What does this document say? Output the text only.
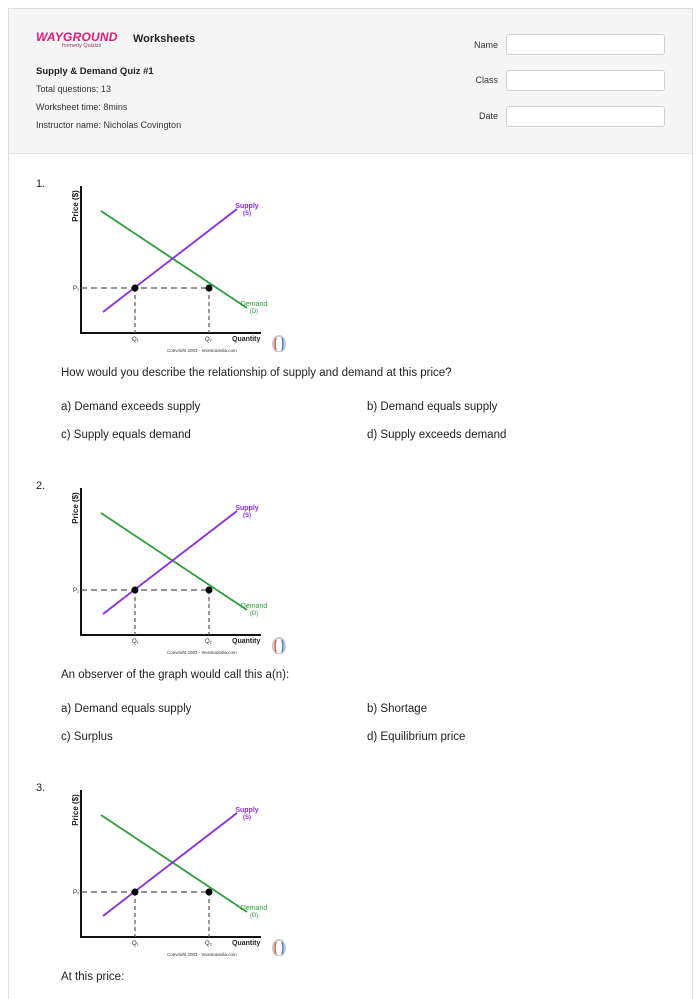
WAYGROUND
formerly Quizizz
Worksheets
Supply & Demand Quiz #1
Total questions: 13
Worksheet time: 8mins
Instructor name: Nicholas Covington
Name
Class
Date
1.
Price ($)
P₁
Q₁	Q₂	Quantity
Supply
(S)
Demand
(D)
Copyright 2003 - Investopedia.com
How would you describe the relationship of supply and demand at this price?
a) Demand exceeds supply	b) Demand equals supply
c) Supply equals demand	d) Supply exceeds demand
2.
Price ($)
P₁
Q₁	Q₂	Quantity
Supply
(S)
Demand
(D)
Copyright 2003 - Investopedia.com
An observer of the graph would call this a(n):
a) Demand equals supply	b) Shortage
c) Surplus	d) Equilibrium price
3.
Price ($)
P₁
Q₁	Q₂	Quantity
Supply
(S)
Demand
(D)
Copyright 2003 - Investopedia.com
At this price:
